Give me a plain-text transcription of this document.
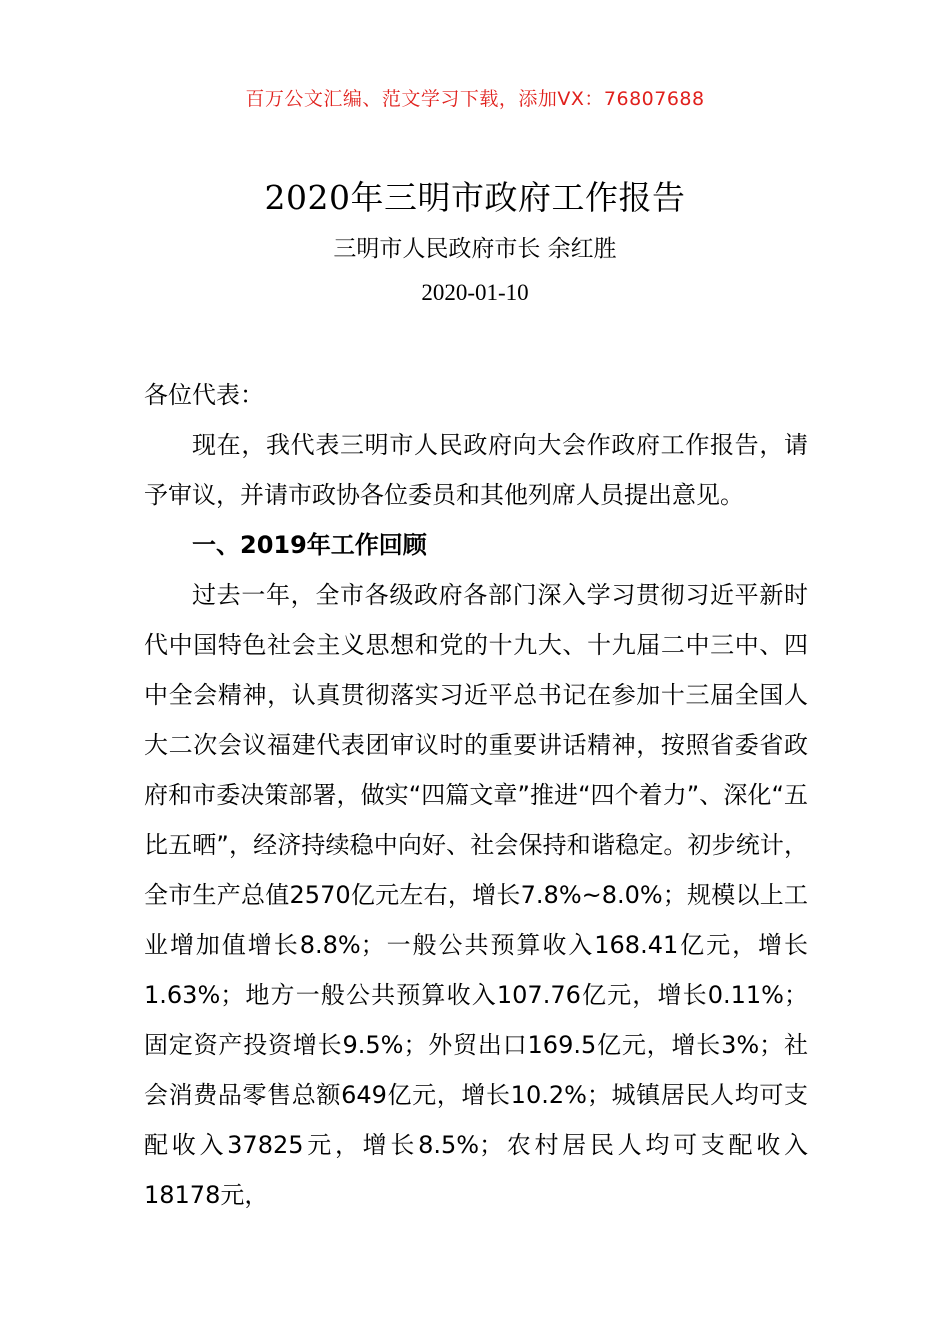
百万公文汇编、范文学习下载，添加VX：76807688
2020年三明市政府工作报告
三明市人民政府市长 余红胜
2020-01-10

各位代表：

现在，我代表三明市人民政府向大会作政府工作报告，请予审议，并请市政协各位委员和其他列席人员提出意见。

一、2019年工作回顾

过去一年，全市各级政府各部门深入学习贯彻习近平新时代中国特色社会主义思想和党的十九大、十九届二中三中、四中全会精神，认真贯彻落实习近平总书记在参加十三届全国人大二次会议福建代表团审议时的重要讲话精神，按照省委省政府和市委决策部署，做实“四篇文章”推进“四个着力”、深化“五比五晒”，经济持续稳中向好、社会保持和谐稳定。初步统计，全市生产总值2570亿元左右，增长7.8%~8.0%；规模以上工业增加值增长8.8%；一般公共预算收入168.41亿元，增长1.63%；地方一般公共预算收入107.76亿元，增长0.11%；固定资产投资增长9.5%；外贸出口169.5亿元，增长3%；社会消费品零售总额649亿元，增长10.2%；城镇居民人均可支配收入37825元，增长8.5%；农村居民人均可支配收入18178元，
